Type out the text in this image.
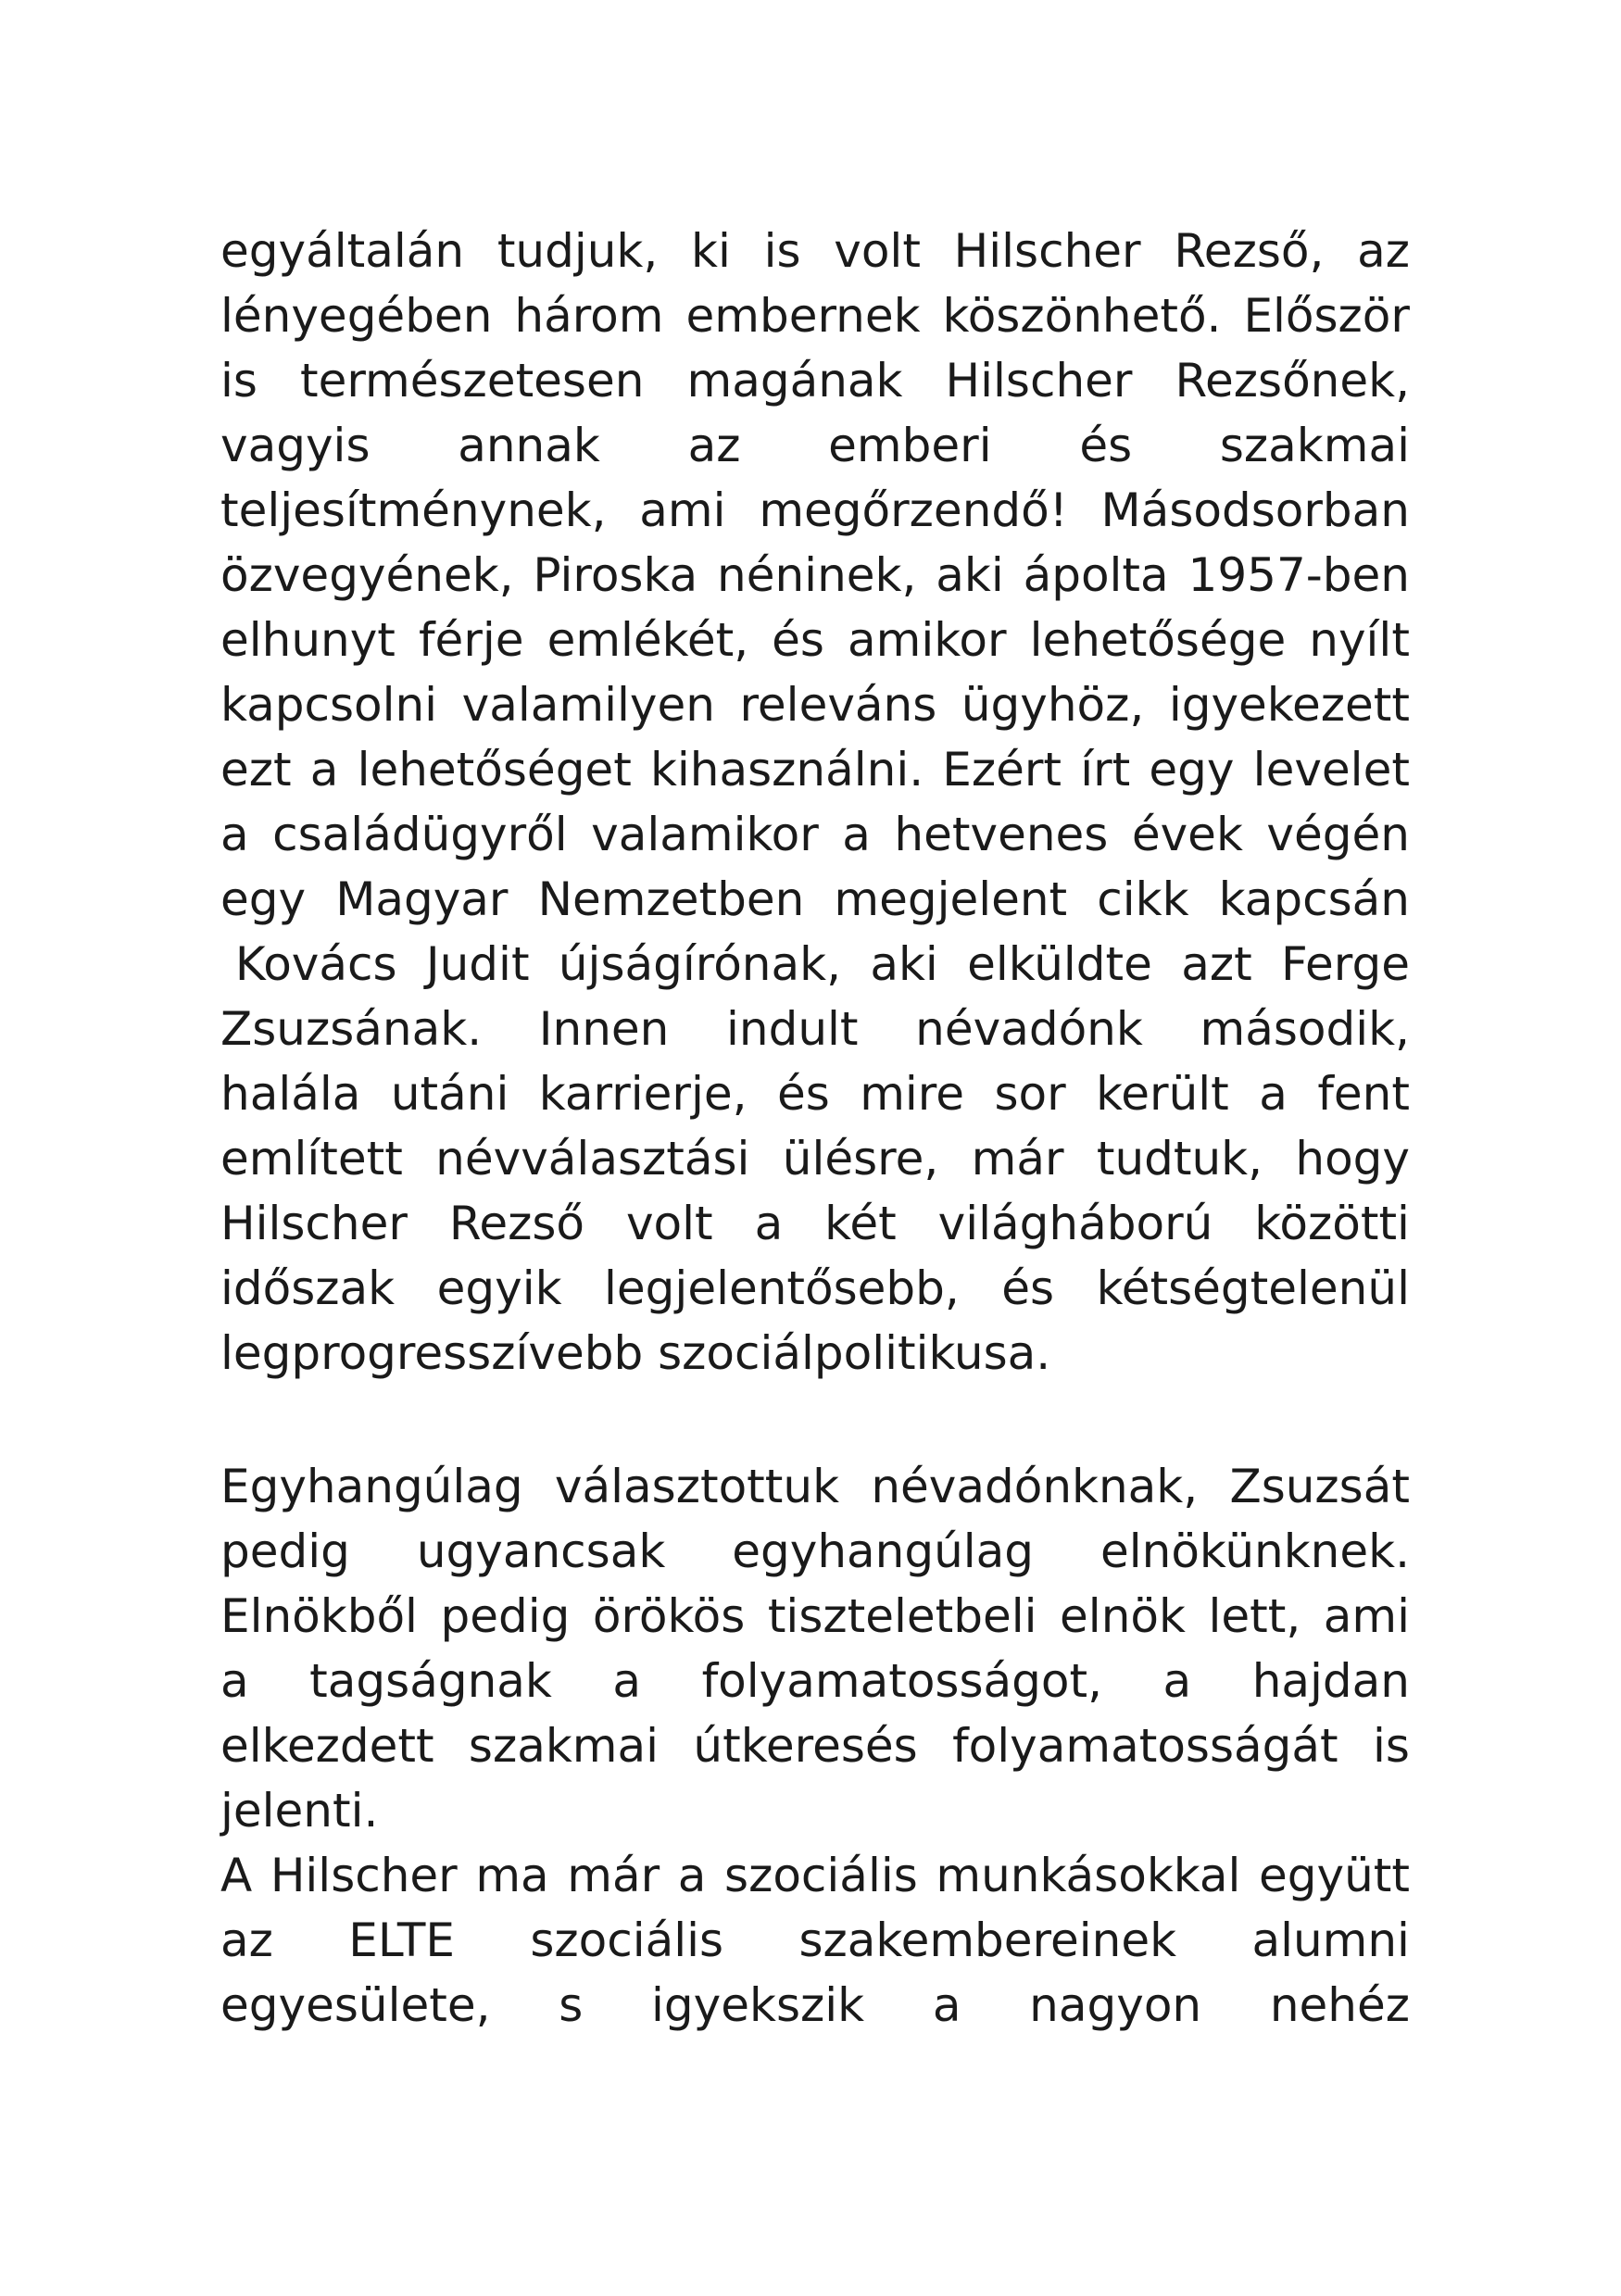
egyáltalán tudjuk, ki is volt Hilscher Rezső, az
lényegében három embernek köszönhető. Először
is természetesen magának Hilscher Rezsőnek,
vagyis annak az emberi és szakmai
teljesítménynek, ami megőrzendő! Másodsorban
özvegyének, Piroska néninek, aki ápolta 1957-ben
elhunyt férje emlékét, és amikor lehetősége nyílt
kapcsolni valamilyen releváns ügyhöz, igyekezett
ezt a lehetőséget kihasználni. Ezért írt egy levelet
a családügyről valamikor a hetvenes évek végén
egy Magyar Nemzetben megjelent cikk kapcsán
Kovács Judit újságírónak, aki elküldte azt Ferge
Zsuzsának. Innen indult névadónk második,
halála utáni karrierje, és mire sor került a fent
említett névválasztási ülésre, már tudtuk, hogy
Hilscher Rezső volt a két világháború közötti
időszak egyik legjelentősebb, és kétségtelenül
legprogresszívebb szociálpolitikusa.
Egyhangúlag választottuk névadónknak, Zsuzsát
pedig ugyancsak egyhangúlag elnökünknek.
Elnökből pedig örökös tiszteletbeli elnök lett, ami
a tagságnak a folyamatosságot, a hajdan
elkezdett szakmai útkeresés folyamatosságát is
jelenti.
A Hilscher ma már a szociális munkásokkal együtt
az ELTE szociális szakembereinek alumni
egyesülete, s igyekszik a nagyon nehéz
